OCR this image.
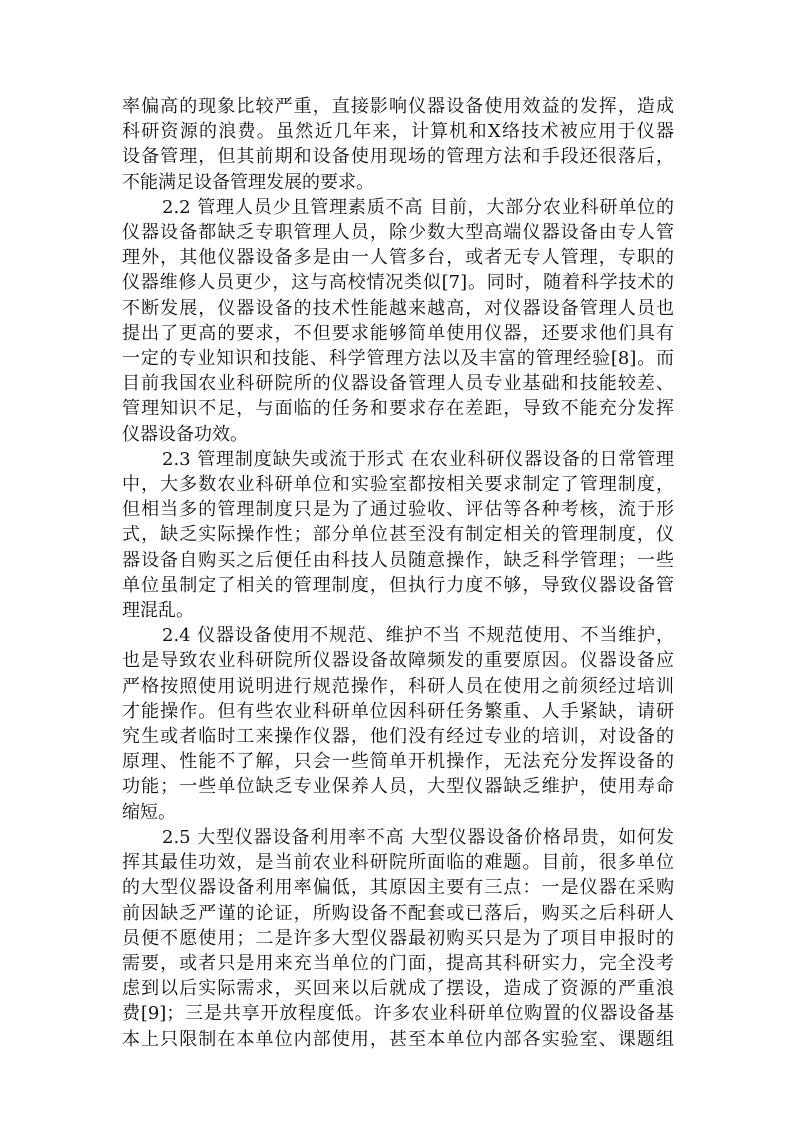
率偏高的现象比较严重，直接影响仪器设备使用效益的发挥，造成
科研资源的浪费。虽然近几年来，计算机和X络技术被应用于仪器
设备管理，但其前期和设备使用现场的管理方法和手段还很落后，
不能满足设备管理发展的要求。

2.2 管理人员少且管理素质不高 目前，大部分农业科研单位的
仪器设备都缺乏专职管理人员，除少数大型高端仪器设备由专人管
理外，其他仪器设备多是由一人管多台，或者无专人管理，专职的
仪器维修人员更少，这与高校情况类似[7]。同时，随着科学技术的
不断发展，仪器设备的技术性能越来越高，对仪器设备管理人员也
提出了更高的要求，不但要求能够简单使用仪器，还要求他们具有
一定的专业知识和技能、科学管理方法以及丰富的管理经验[8]。而
目前我国农业科研院所的仪器设备管理人员专业基础和技能较差、
管理知识不足，与面临的任务和要求存在差距，导致不能充分发挥
仪器设备功效。

2.3 管理制度缺失或流于形式 在农业科研仪器设备的日常管理
中，大多数农业科研单位和实验室都按相关要求制定了管理制度，
但相当多的管理制度只是为了通过验收、评估等各种考核，流于形
式，缺乏实际操作性；部分单位甚至没有制定相关的管理制度，仪
器设备自购买之后便任由科技人员随意操作，缺乏科学管理；一些
单位虽制定了相关的管理制度，但执行力度不够，导致仪器设备管
理混乱。

2.4 仪器设备使用不规范、维护不当 不规范使用、不当维护，
也是导致农业科研院所仪器设备故障频发的重要原因。仪器设备应
严格按照使用说明进行规范操作，科研人员在使用之前须经过培训
才能操作。但有些农业科研单位因科研任务繁重、人手紧缺，请研
究生或者临时工来操作仪器，他们没有经过专业的培训，对设备的
原理、性能不了解，只会一些简单开机操作，无法充分发挥设备的
功能；一些单位缺乏专业保养人员，大型仪器缺乏维护，使用寿命
缩短。

2.5 大型仪器设备利用率不高 大型仪器设备价格昂贵，如何发
挥其最佳功效，是当前农业科研院所面临的难题。目前，很多单位
的大型仪器设备利用率偏低，其原因主要有三点：一是仪器在采购
前因缺乏严谨的论证，所购设备不配套或已落后，购买之后科研人
员便不愿使用；二是许多大型仪器最初购买只是为了项目申报时的
需要，或者只是用来充当单位的门面，提高其科研实力，完全没考
虑到以后实际需求，买回来以后就成了摆设，造成了资源的严重浪
费[9]；三是共享开放程度低。许多农业科研单位购置的仪器设备基
本上只限制在本单位内部使用，甚至本单位内部各实验室、课题组
